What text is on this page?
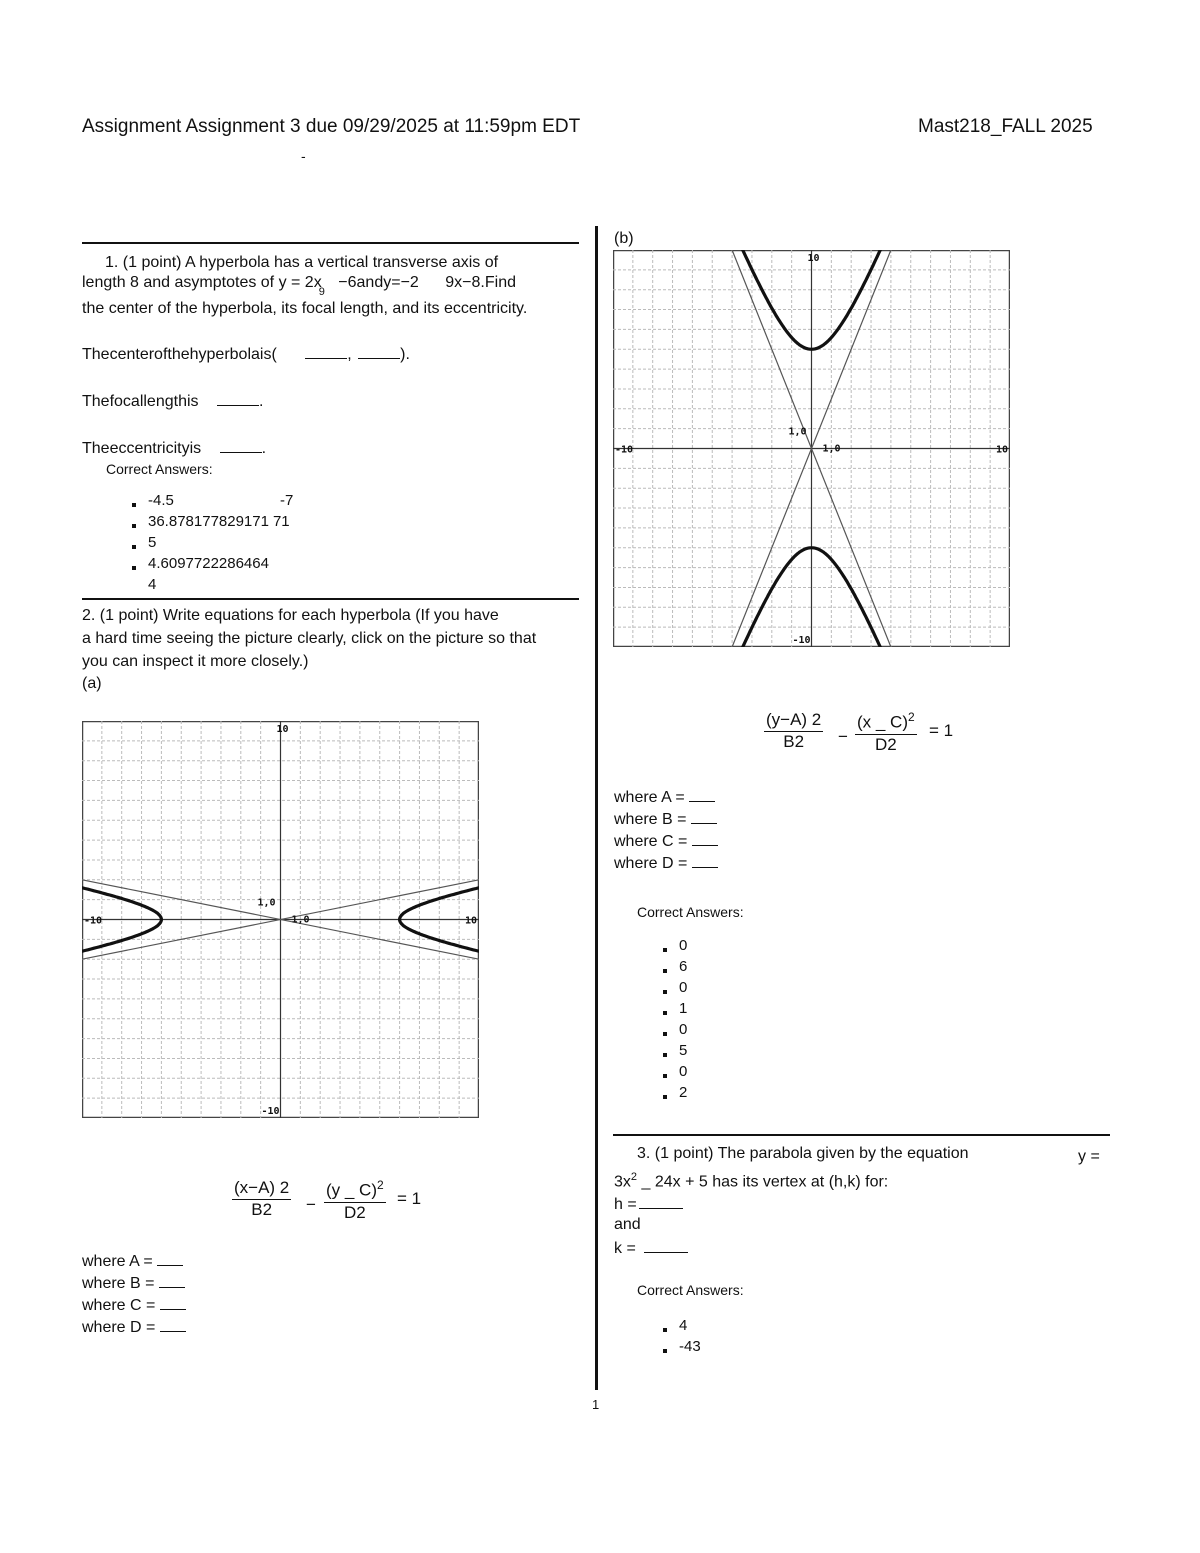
Assignment Assignment 3 due 09/29/2025 at 11:59pm EDT	Mast218_FALL 2025
-
1. (1 point) A hyperbola has a vertical transverse axis of
length 8 and asymptotes of $y = 2x_9$ −6andy=−2 9x−8.Find
the center of the hyperbola, its focal length, and its eccentricity.
Thecenterofthehyperbolais(	,	).
Thefocallengthis	.
Theeccentricityis	.
Correct Answers:
-4.5	-7
36.878177829171 71
5
4.6097722286464
4
2. (1 point) Write equations for each hyperbola (If you have
a hard time seeing the picture clearly, click on the picture so that
you can inspect it more closely.)
(a)
10
-10
-10	10
1,0
1,0
$\frac{(x-A) 2}{B2} - \frac{(y \_ C)^2}{D2} = 1$
where A =
where B =
where C =
where D =
(b)
10
-10
-10	10
1,0
1,0
$\frac{(y-A) 2}{B2} - \frac{(x \_ C)^2}{D2} = 1$
where A =
where B =
where C =
where D =
Correct Answers:
0
6
0
1
0
5
0
2
3. (1 point) The parabola given by the equation	y =
$3x^2$ _ 24x + 5 has its vertex at (h,k) for:
h =
and
k =
Correct Answers:
4
-43
1
